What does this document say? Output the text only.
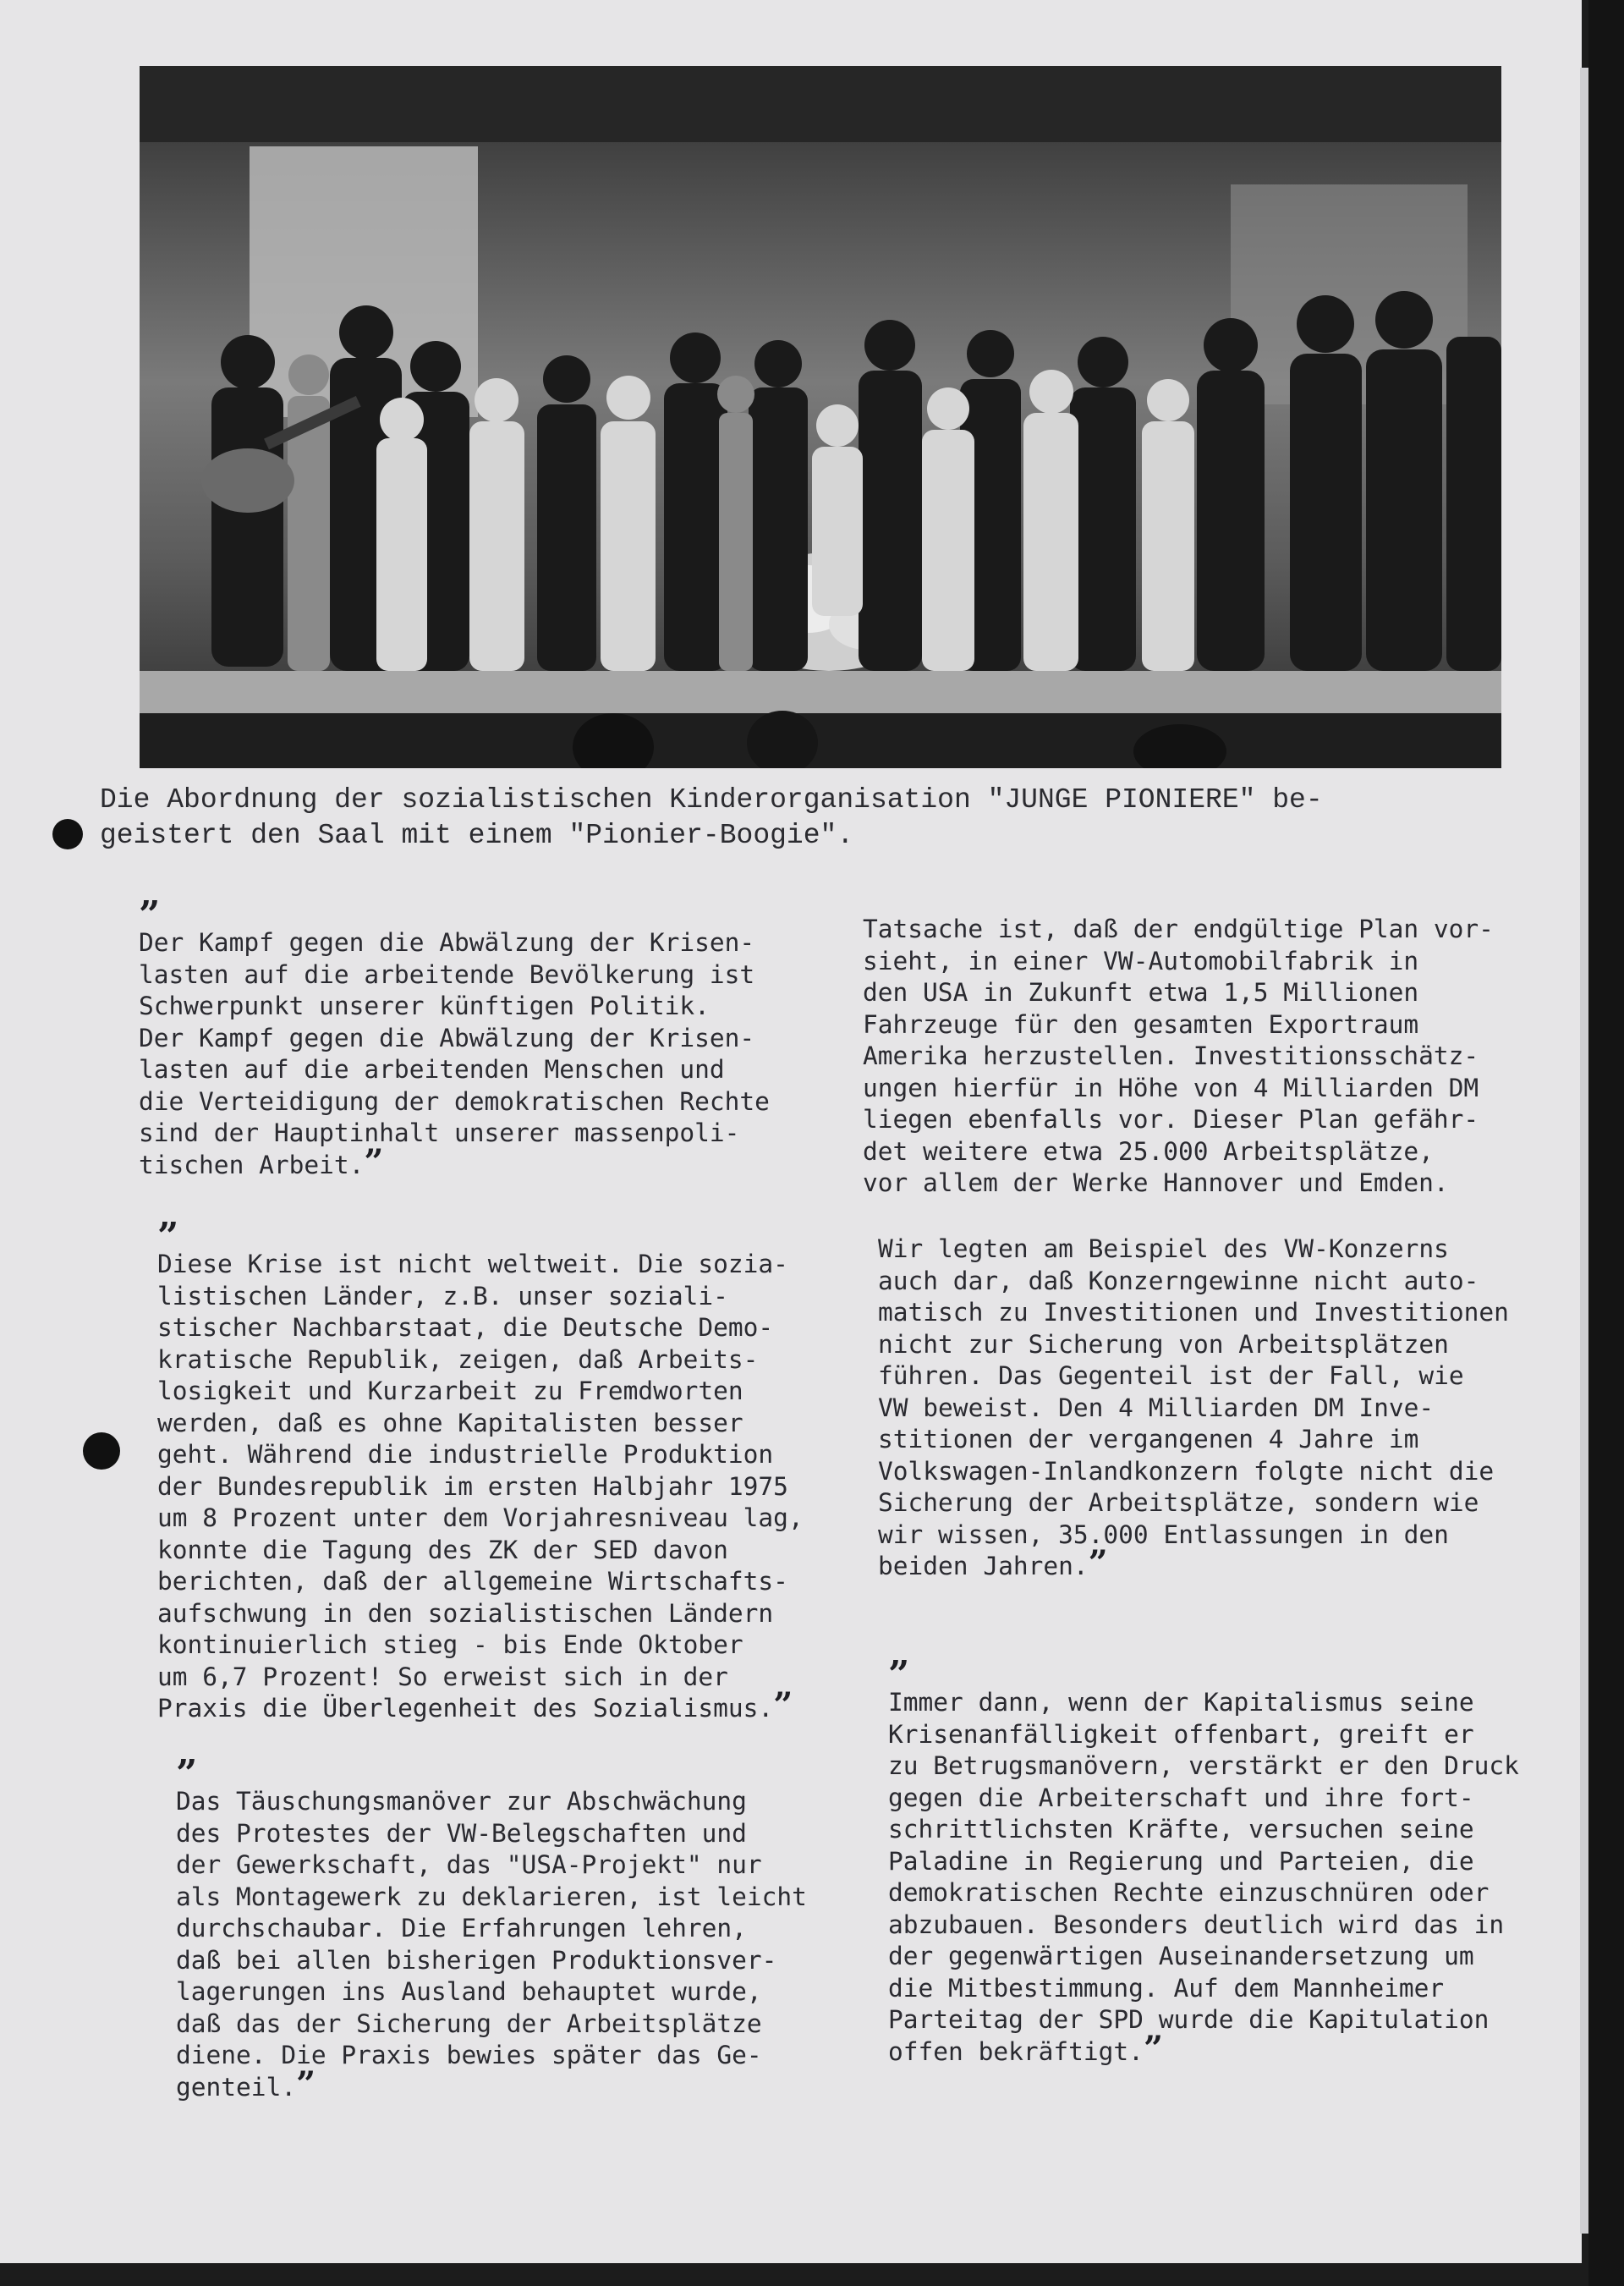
Die Abordnung der sozialistischen Kinderorganisation "JUNGE PIONIERE" be-
geistert den Saal mit einem "Pionier-Boogie".
”
Der Kampf gegen die Abwälzung der Krisen-
lasten auf die arbeitende Bevölkerung ist
Schwerpunkt unserer künftigen Politik.
Der Kampf gegen die Abwälzung der Krisen-
lasten auf die arbeitenden Menschen und
die Verteidigung der demokratischen Rechte
sind der Hauptinhalt unserer massenpoli-
tischen Arbeit.”
”
Diese Krise ist nicht weltweit. Die sozia-
listischen Länder, z.B. unser soziali-
stischer Nachbarstaat, die Deutsche Demo-
kratische Republik, zeigen, daß Arbeits-
losigkeit und Kurzarbeit zu Fremdworten
werden, daß es ohne Kapitalisten besser
geht. Während die industrielle Produktion
der Bundesrepublik im ersten Halbjahr 1975
um 8 Prozent unter dem Vorjahresniveau lag,
konnte die Tagung des ZK der SED davon
berichten, daß der allgemeine Wirtschafts-
aufschwung in den sozialistischen Ländern
kontinuierlich stieg - bis Ende Oktober
um 6,7 Prozent! So erweist sich in der
Praxis die Überlegenheit des Sozialismus.”
”
Das Täuschungsmanöver zur Abschwächung
des Protestes der VW-Belegschaften und
der Gewerkschaft, das "USA-Projekt" nur
als Montagewerk zu deklarieren, ist leicht
durchschaubar. Die Erfahrungen lehren,
daß bei allen bisherigen Produktionsver-
lagerungen ins Ausland behauptet wurde,
daß das der Sicherung der Arbeitsplätze
diene. Die Praxis bewies später das Ge-
genteil.”
Tatsache ist, daß der endgültige Plan vor-
sieht, in einer VW-Automobilfabrik in
den USA in Zukunft etwa 1,5 Millionen
Fahrzeuge für den gesamten Exportraum
Amerika herzustellen. Investitionsschätz-
ungen hierfür in Höhe von 4 Milliarden DM
liegen ebenfalls vor. Dieser Plan gefähr-
det weitere etwa 25.000 Arbeitsplätze,
vor allem der Werke Hannover und Emden.
Wir legten am Beispiel des VW-Konzerns
auch dar, daß Konzerngewinne nicht auto-
matisch zu Investitionen und Investitionen
nicht zur Sicherung von Arbeitsplätzen
führen. Das Gegenteil ist der Fall, wie
VW beweist. Den 4 Milliarden DM Inve-
stitionen der vergangenen 4 Jahre im
Volkswagen-Inlandkonzern folgte nicht die
Sicherung der Arbeitsplätze, sondern wie
wir wissen, 35.000 Entlassungen in den
beiden Jahren.”
”
Immer dann, wenn der Kapitalismus seine
Krisenanfälligkeit offenbart, greift er
zu Betrugsmanövern, verstärkt er den Druck
gegen die Arbeiterschaft und ihre fort-
schrittlichsten Kräfte, versuchen seine
Paladine in Regierung und Parteien, die
demokratischen Rechte einzuschnüren oder
abzubauen. Besonders deutlich wird das in
der gegenwärtigen Auseinandersetzung um
die Mitbestimmung. Auf dem Mannheimer
Parteitag der SPD wurde die Kapitulation
offen bekräftigt.”
